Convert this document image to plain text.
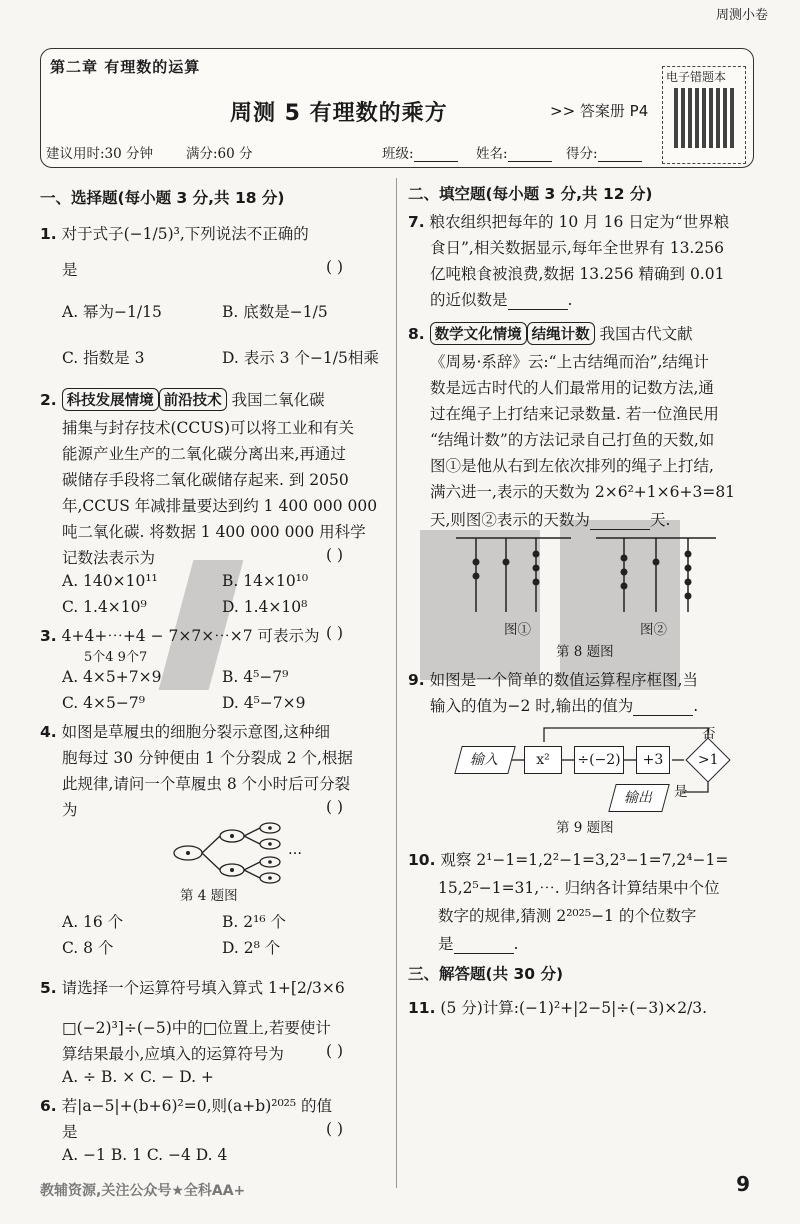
周测小卷
第二章 有理数的运算
周测 5 有理数的乘方	>> 答案册 P4
电子错题本
建议用时:30 分钟 满分:60 分	班级:	姓名:	得分:
一、选择题(每小题 3 分,共 18 分)
1. 对于式子(−1/5)³,下列说法不正确的
是	( )
A. 幂为−1/15	B. 底数是−1/5
C. 指数是 3	D. 表示 3 个−1/5相乘
2. 科技发展情境 前沿技术 我国二氧化碳
捕集与封存技术(CCUS)可以将工业和有关
能源产业生产的二氧化碳分离出来,再通过
碳储存手段将二氧化碳储存起来. 到 2050
年,CCUS 年减排量要达到约 1 400 000 000
吨二氧化碳. 将数据 1 400 000 000 用科学
记数法表示为	( )
A. 140×10¹¹	B. 14×10¹⁰
C. 1.4×10⁹	D. 1.4×10⁸
3. 4+4+⋯+4 − 7×7×⋯×7 可表示为 ( )
5个4 9个7
A. 4×5+7×9	B. 4⁵−7⁹
C. 4×5−7⁹	D. 4⁵−7×9
4. 如图是草履虫的细胞分裂示意图,这种细
胞每过 30 分钟便由 1 个分裂成 2 个,根据
此规律,请问一个草履虫 8 个小时后可分裂
为	( )
…
第 4 题图
A. 16 个	B. 2¹⁶ 个
C. 8 个	D. 2⁸ 个
5. 请选择一个运算符号填入算式 1+[2/3×6
□(−2)³]÷(−5)中的□位置上,若要使计
算结果最小,应填入的运算符号为	( )
A. ÷ B. × C. − D. +
6. 若|a−5|+(b+6)²=0,则(a+b)²⁰²⁵ 的值
是	( )
A. −1 B. 1 C. −4 D. 4
二、填空题(每小题 3 分,共 12 分)
7. 粮农组织把每年的 10 月 16 日定为“世界粮
食日”,相关数据显示,每年全世界有 13.256
亿吨粮食被浪费,数据 13.256 精确到 0.01
的近似数是	.
8. 数学文化情境 结绳计数 我国古代文献
《周易·系辞》云:“上古结绳而治”,结绳计
数是远古时代的人们最常用的记数方法,通
过在绳子上打结来记录数量. 若一位渔民用
“结绳计数”的方法记录自己打鱼的天数,如
图①是他从右到左依次排列的绳子上打结,
满六进一,表示的天数为 2×6²+1×6+3=81
天,则图②表示的天数为	天.
图①	图②
第 8 题图
9. 如图是一个简单的数值运算程序框图,当
输入的值为−2 时,输出的值为	.
输入	x²	÷(−2)	+3	>1
否
是
输出
第 9 题图
10. 观察 2¹−1=1,2²−1=3,2³−1=7,2⁴−1=
15,2⁵−1=31,⋯. 归纳各计算结果中个位
数字的规律,猜测 2²⁰²⁵−1 的个位数字
是	.
三、解答题(共 30 分)
11. (5 分)计算:(−1)²+|2−5|÷(−3)×2/3.
教辅资源,关注公众号★全科AA+	9
